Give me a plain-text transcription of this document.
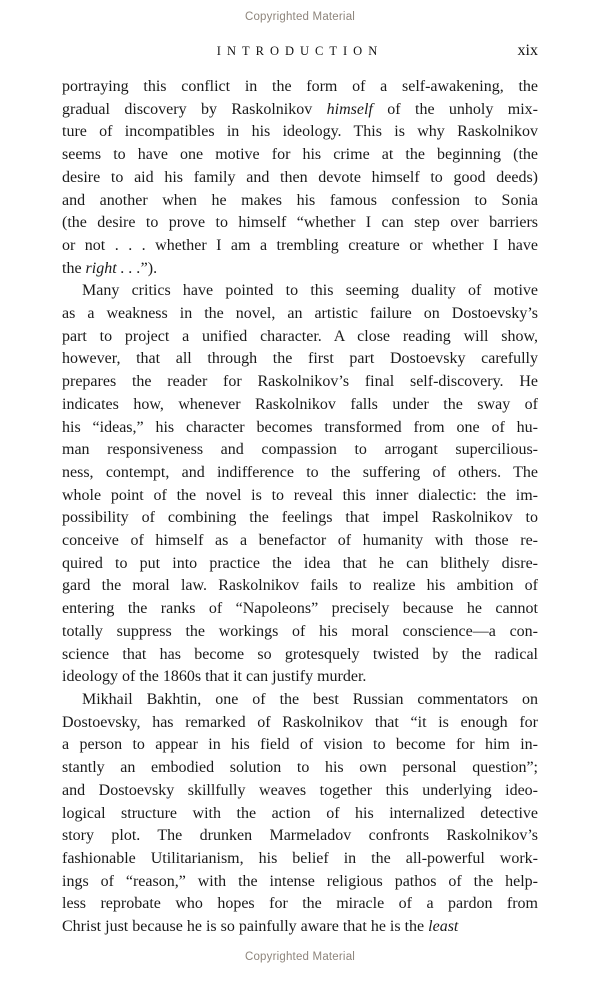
Copyrighted Material
INTRODUCTION	xix
portraying this conflict in the form of a self-awakening, the
gradual discovery by Raskolnikov himself of the unholy mix-
ture of incompatibles in his ideology. This is why Raskolnikov
seems to have one motive for his crime at the beginning (the
desire to aid his family and then devote himself to good deeds)
and another when he makes his famous confession to Sonia
(the desire to prove to himself “whether I can step over barriers
or not . . . whether I am a trembling creature or whether I have
the right . . .”).
Many critics have pointed to this seeming duality of motive
as a weakness in the novel, an artistic failure on Dostoevsky’s
part to project a unified character. A close reading will show,
however, that all through the first part Dostoevsky carefully
prepares the reader for Raskolnikov’s final self-discovery. He
indicates how, whenever Raskolnikov falls under the sway of
his “ideas,” his character becomes transformed from one of hu-
man responsiveness and compassion to arrogant supercilious-
ness, contempt, and indifference to the suffering of others. The
whole point of the novel is to reveal this inner dialectic: the im-
possibility of combining the feelings that impel Raskolnikov to
conceive of himself as a benefactor of humanity with those re-
quired to put into practice the idea that he can blithely disre-
gard the moral law. Raskolnikov fails to realize his ambition of
entering the ranks of “Napoleons” precisely because he cannot
totally suppress the workings of his moral conscience—a con-
science that has become so grotesquely twisted by the radical
ideology of the 1860s that it can justify murder.
Mikhail Bakhtin, one of the best Russian commentators on
Dostoevsky, has remarked of Raskolnikov that “it is enough for
a person to appear in his field of vision to become for him in-
stantly an embodied solution to his own personal question”;
and Dostoevsky skillfully weaves together this underlying ideo-
logical structure with the action of his internalized detective
story plot. The drunken Marmeladov confronts Raskolnikov’s
fashionable Utilitarianism, his belief in the all-powerful work-
ings of “reason,” with the intense religious pathos of the help-
less reprobate who hopes for the miracle of a pardon from
Christ just because he is so painfully aware that he is the least
Copyrighted Material
